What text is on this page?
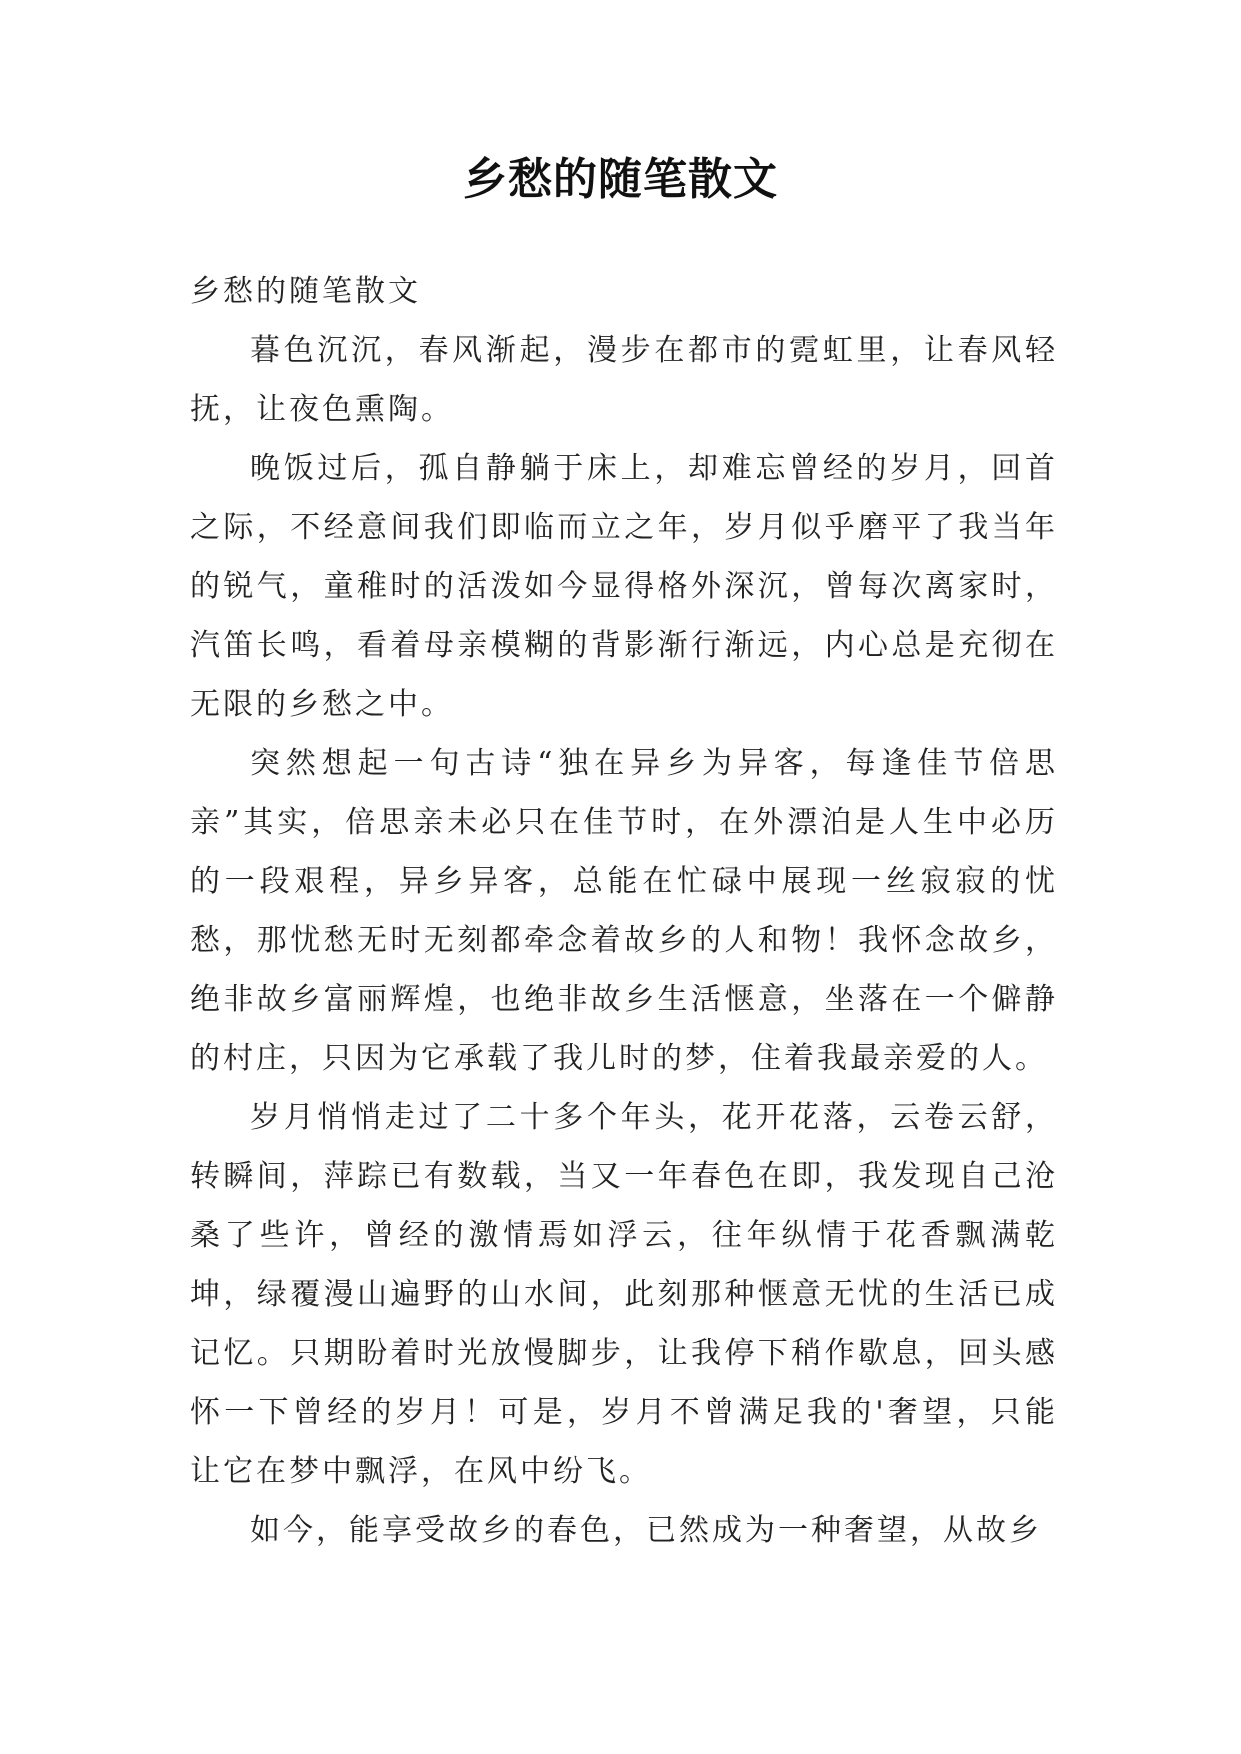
乡愁的随笔散文

乡愁的随笔散文

暮色沉沉，春风渐起，漫步在都市的霓虹里，让春风轻抚，让夜色熏陶。

晚饭过后，孤自静躺于床上，却难忘曾经的岁月，回首之际，不经意间我们即临而立之年，岁月似乎磨平了我当年的锐气，童稚时的活泼如今显得格外深沉，曾每次离家时，汽笛长鸣，看着母亲模糊的背影渐行渐远，内心总是充彻在无限的乡愁之中。

突然想起一句古诗“独在异乡为异客，每逢佳节倍思亲”其实，倍思亲未必只在佳节时，在外漂泊是人生中必历的一段艰程，异乡异客，总能在忙碌中展现一丝寂寂的忧愁，那忧愁无时无刻都牵念着故乡的人和物！我怀念故乡，绝非故乡富丽辉煌，也绝非故乡生活惬意，坐落在一个僻静的村庄，只因为它承载了我儿时的梦，住着我最亲爱的人。

岁月悄悄走过了二十多个年头，花开花落，云卷云舒，转瞬间，萍踪已有数载，当又一年春色在即，我发现自己沧桑了些许，曾经的激情焉如浮云，往年纵情于花香飘满乾坤，绿覆漫山遍野的山水间，此刻那种惬意无忧的生活已成记忆。只期盼着时光放慢脚步，让我停下稍作歇息，回头感怀一下曾经的岁月！可是，岁月不曾满足我的'奢望，只能让它在梦中飘浮，在风中纷飞。

如今，能享受故乡的春色，已然成为一种奢望，从故乡
